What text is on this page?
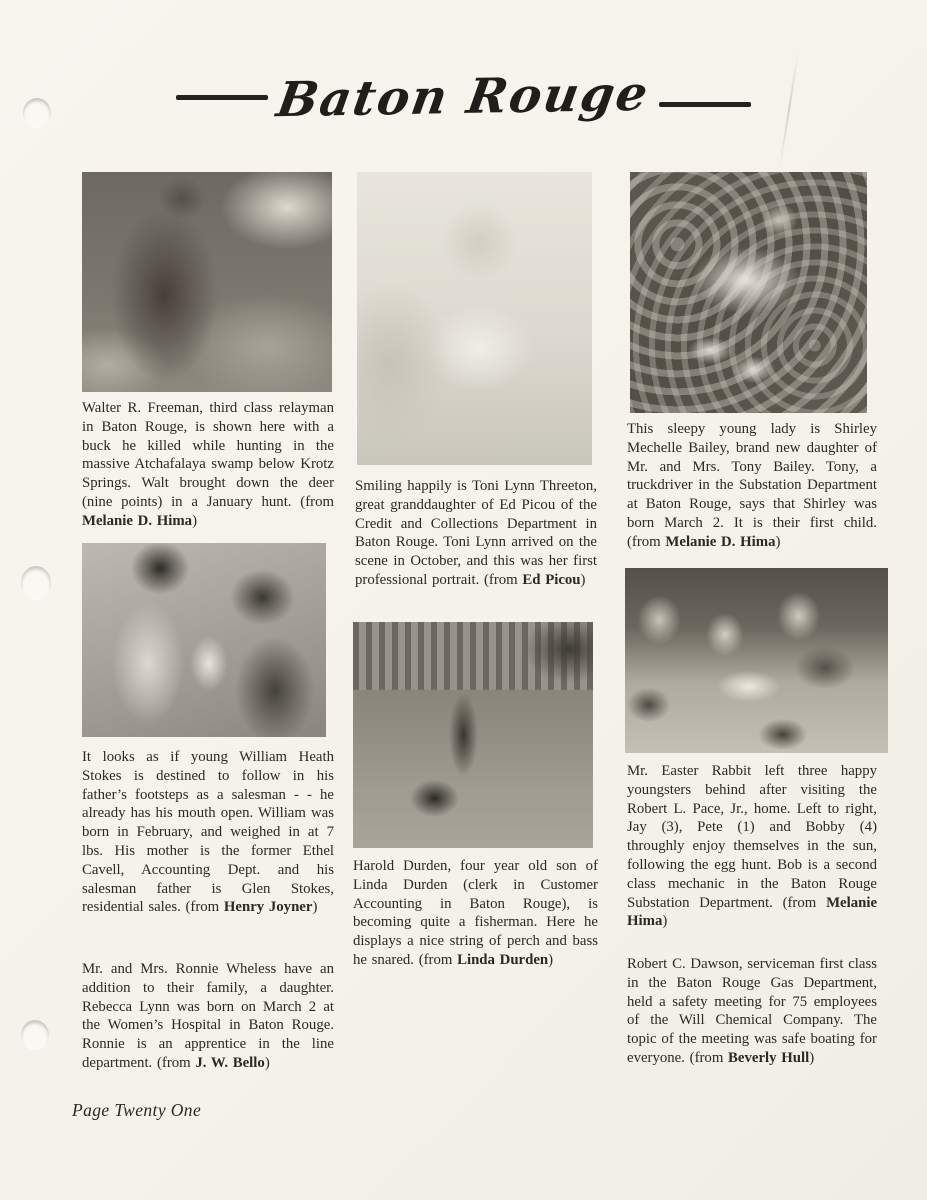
Baton Rouge

Walter R. Freeman, third class relayman in Baton Rouge, is shown here with a buck he killed while hunting in the massive Atchafalaya swamp below Krotz Springs. Walt brought down the deer (nine points) in a January hunt. (from Melanie D. Hima)

It looks as if young William Heath Stokes is destined to follow in his father’s footsteps as a salesman - - he already has his mouth open. William was born in February, and weighed in at 7 lbs. His mother is the former Ethel Cavell, Accounting Dept. and his salesman father is Glen Stokes, residential sales. (from Henry Joyner)

Mr. and Mrs. Ronnie Wheless have an addition to their family, a daughter. Rebecca Lynn was born on March 2 at the Women’s Hospital in Baton Rouge. Ronnie is an apprentice in the line department. (from J. W. Bello)

Smiling happily is Toni Lynn Threeton, great granddaughter of Ed Picou of the Credit and Collections Department in Baton Rouge. Toni Lynn arrived on the scene in October, and this was her first professional portrait. (from Ed Picou)

Harold Durden, four year old son of Linda Durden (clerk in Customer Accounting in Baton Rouge), is becoming quite a fisherman. Here he displays a nice string of perch and bass he snared. (from Linda Durden)

This sleepy young lady is Shirley Mechelle Bailey, brand new daughter of Mr. and Mrs. Tony Bailey. Tony, a truckdriver in the Substation Department at Baton Rouge, says that Shirley was born March 2. It is their first child. (from Melanie D. Hima)

Mr. Easter Rabbit left three happy youngsters behind after visiting the Robert L. Pace, Jr., home. Left to right, Jay (3), Pete (1) and Bobby (4) throughly enjoy themselves in the sun, following the egg hunt. Bob is a second class mechanic in the Baton Rouge Substation Department. (from Melanie Hima)

Robert C. Dawson, serviceman first class in the Baton Rouge Gas Department, held a safety meeting for 75 employees of the Will Chemical Company. The topic of the meeting was safe boating for everyone. (from Beverly Hull)

Page Twenty One
